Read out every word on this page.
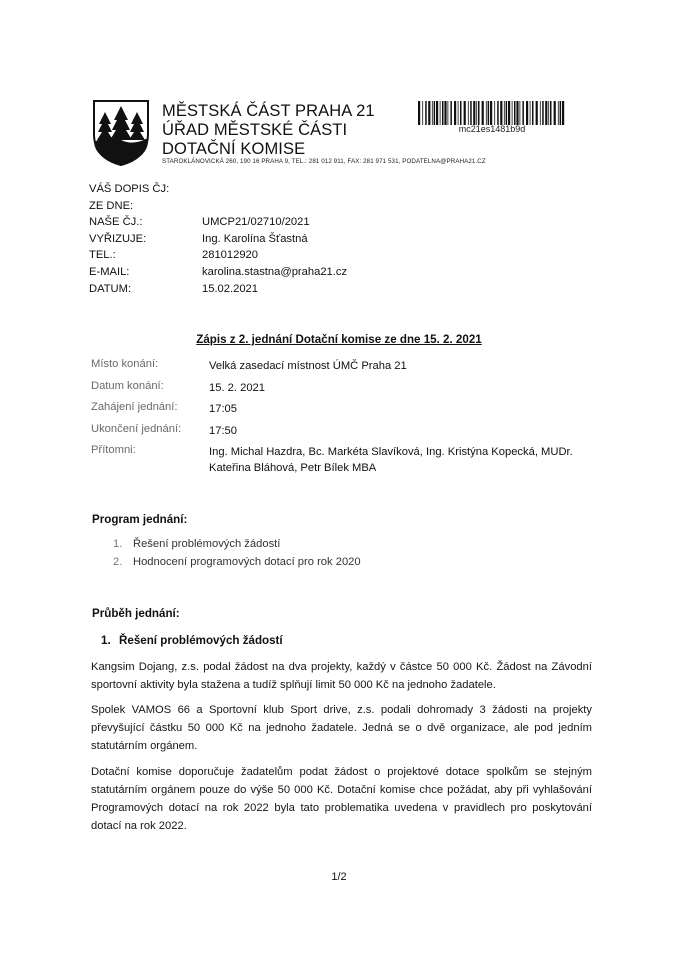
MĚSTSKÁ ČÁST PRAHA 21
ÚŘAD MĚSTSKÉ ČÁSTI
DOTAČNÍ KOMISE
STAROKLÁNOVICKÁ 260, 190 16 PRAHA 9, TEL.: 281 012 911, FAX: 281 971 531, PODATELNA@PRAHA21.CZ
mc21es1481b9d
VÁŠ DOPIS ČJ:
ZE DNE:
NAŠE ČJ.:	UMCP21/02710/2021
VYŘIZUJE:	Ing. Karolína Šťastná
TEL.:	281012920
E-MAIL:	karolina.stastna@praha21.cz
DATUM:	15.02.2021
Zápis z 2. jednání Dotační komise ze dne 15. 2. 2021
Místo konání:	Velká zasedací místnost ÚMČ Praha 21
Datum konání:	15. 2. 2021
Zahájení jednání:	17:05
Ukončení jednání: 17:50
Přítomni:	Ing. Michal Hazdra, Bc. Markéta Slavíková, Ing. Kristýna Kopecká, MUDr. Kateřina Bláhová, Petr Bílek MBA
Program jednání:
1. Řešení problémových žádostí
2. Hodnocení programových dotací pro rok 2020
Průběh jednání:
1. Řešení problémových žádostí
Kangsim Dojang, z.s. podal žádost na dva projekty, každý v částce 50 000 Kč. Žádost na Závodní sportovní aktivity byla stažena a tudíž splňují limit 50 000 Kč na jednoho žadatele.
Spolek VAMOS 66 a Sportovní klub Sport drive, z.s. podali dohromady 3 žádosti na projekty převyšující částku 50 000 Kč na jednoho žadatele. Jedná se o dvě organizace, ale pod jedním statutárním orgánem.
Dotační komise doporučuje žadatelům podat žádost o projektové dotace spolkům se stejným statutárním orgánem pouze do výše 50 000 Kč. Dotační komise chce požádat, aby při vyhlašování Programových dotací na rok 2022 byla tato problematika uvedena v pravidlech pro poskytování dotací na rok 2022.
1/2
